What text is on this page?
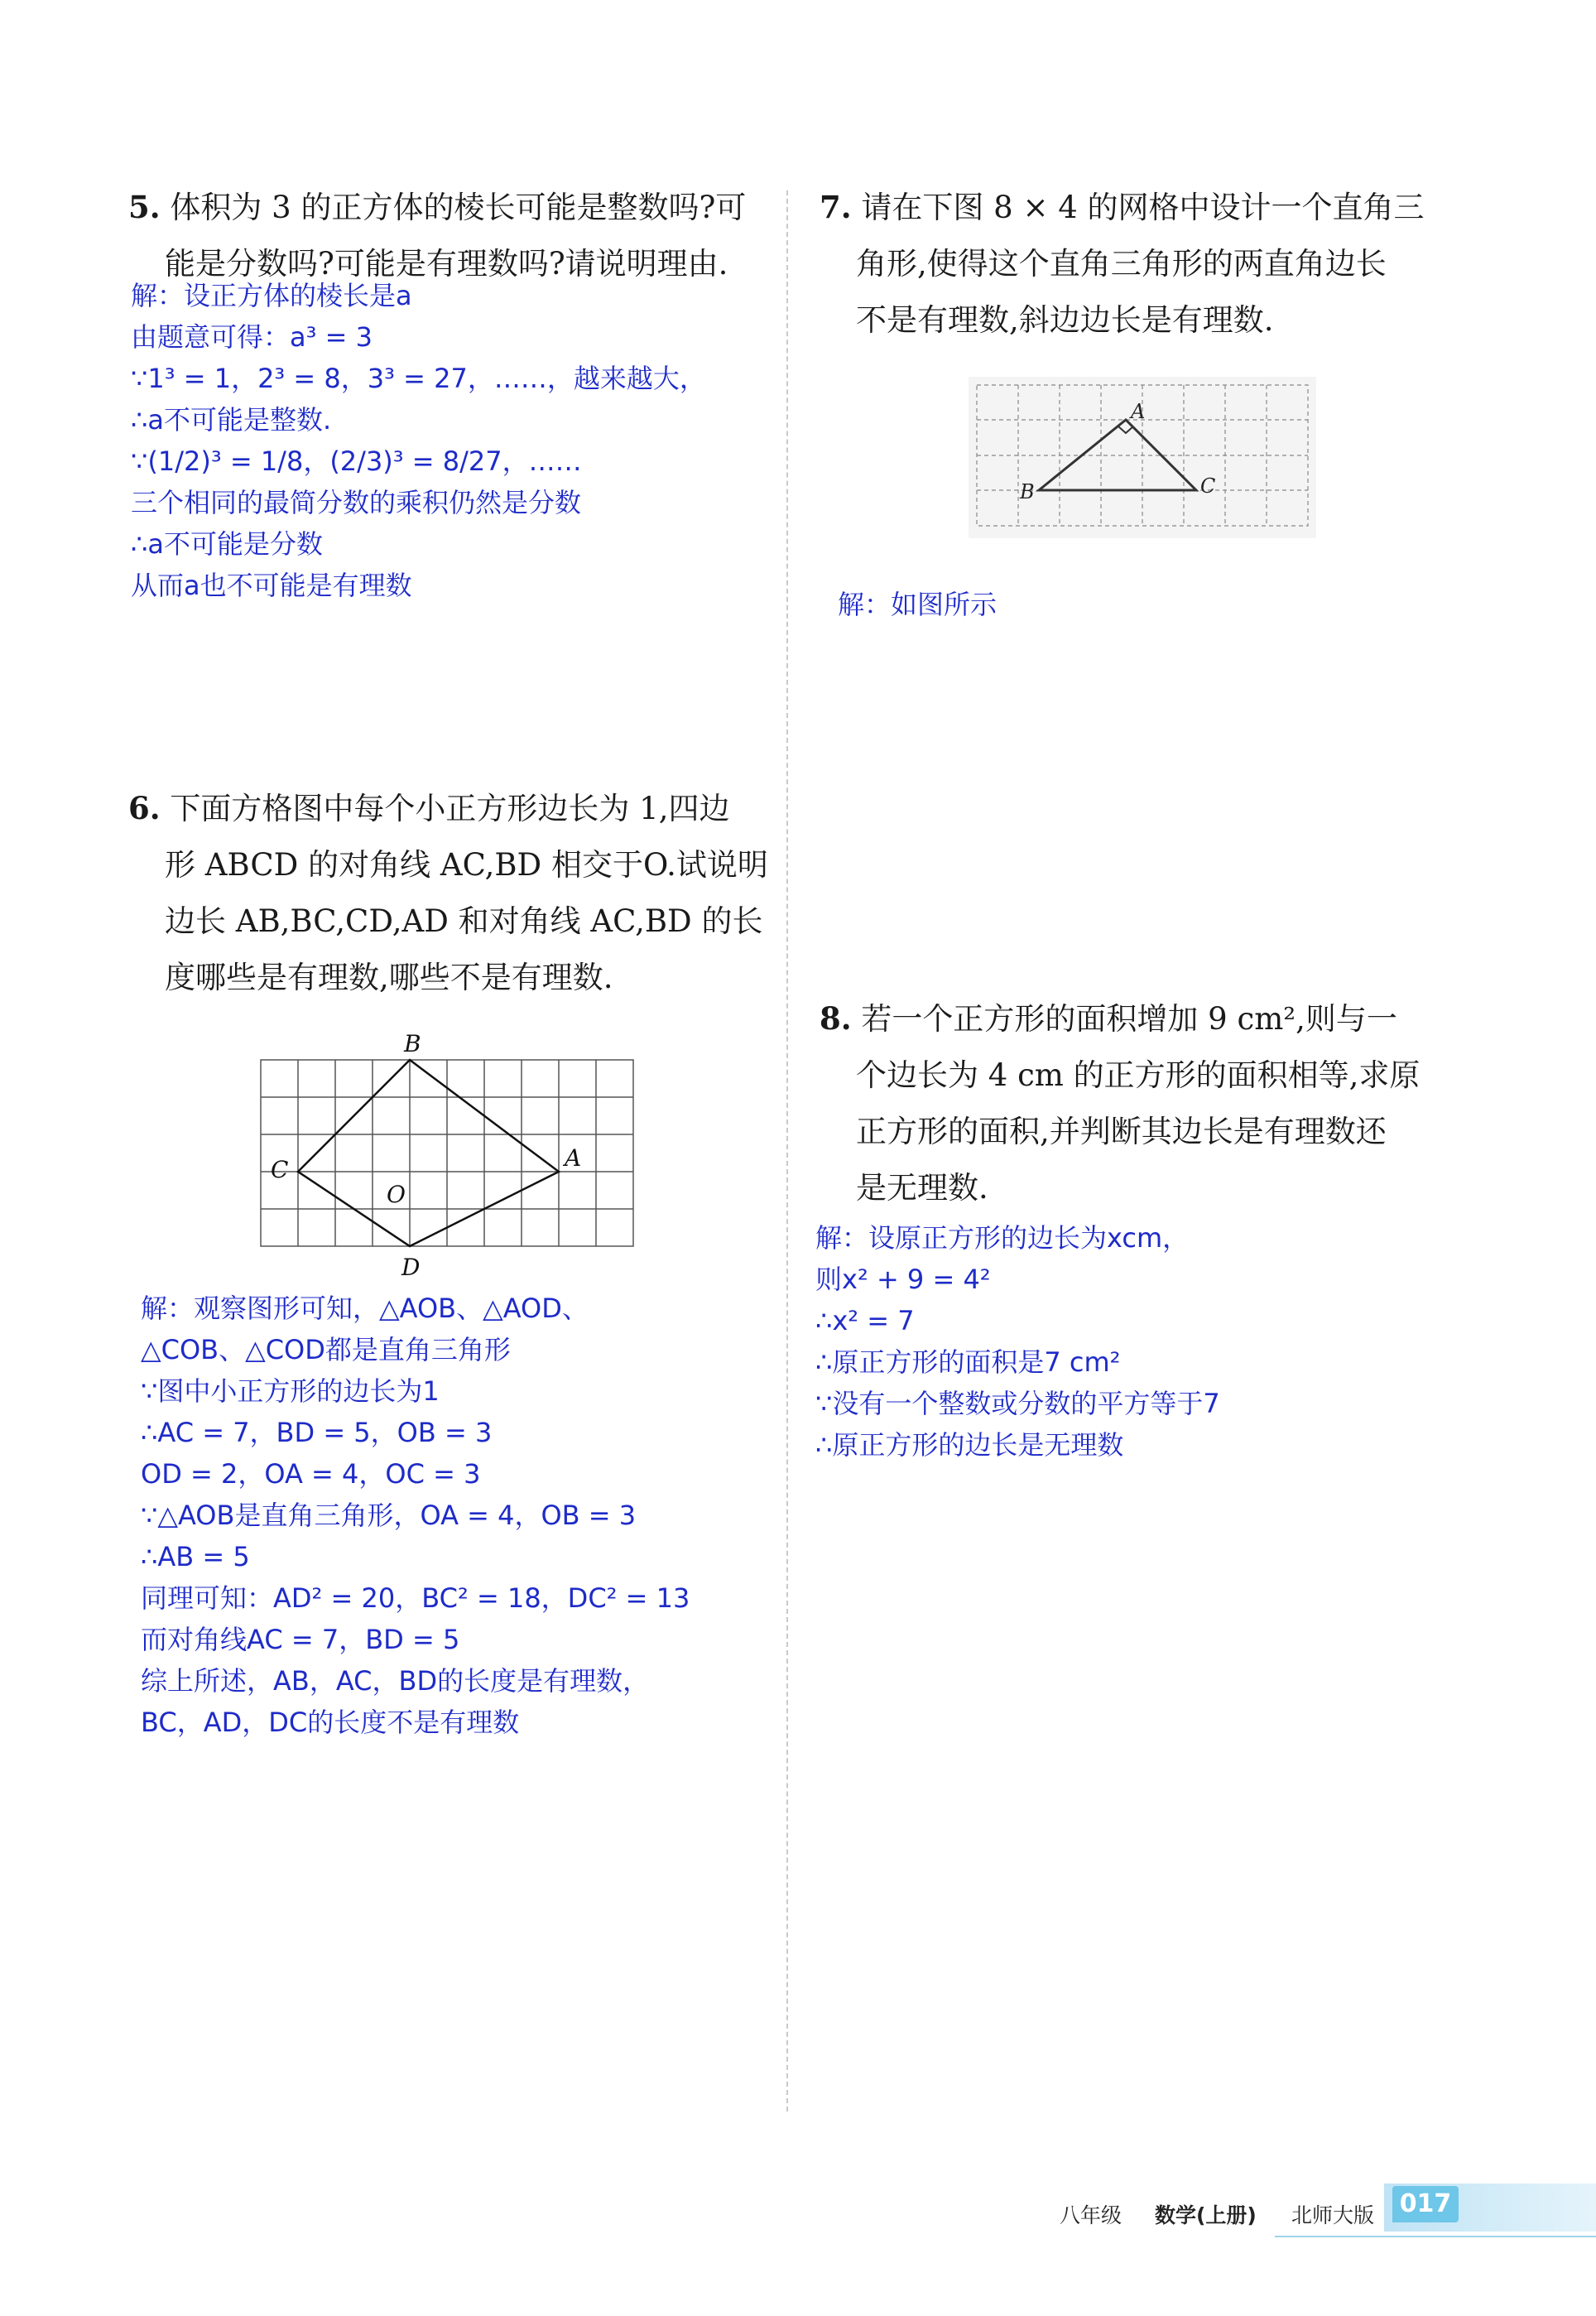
5. 体积为 3 的正方体的棱长可能是整数吗?可
能是分数吗?可能是有理数吗?请说明理由.
解：设正方体的棱长是a
由题意可得：a³ = 3
∵1³ = 1，2³ = 8，3³ = 27，……，越来越大，
∴a不可能是整数.
∵(1/2)³ = 1/8，(2/3)³ = 8/27，……
三个相同的最简分数的乘积仍然是分数
∴a不可能是分数
从而a也不可能是有理数
6. 下面方格图中每个小正方形边长为 1,四边
形 ABCD 的对角线 AC,BD 相交于O.试说明
边长 AB,BC,CD,AD 和对角线 AC,BD 的长
度哪些是有理数,哪些不是有理数.
B
A
C
O
D
解：观察图形可知，△AOB、△AOD、
△COB、△COD都是直角三角形
∵图中小正方形的边长为1
∴AC = 7，BD = 5，OB = 3
OD = 2，OA = 4，OC = 3
∵△AOB是直角三角形，OA = 4，OB = 3
∴AB = 5
同理可知：AD² = 20，BC² = 18，DC² = 13
而对角线AC = 7，BD = 5
综上所述，AB，AC，BD的长度是有理数，
BC，AD，DC的长度不是有理数
7. 请在下图 8 × 4 的网格中设计一个直角三
角形,使得这个直角三角形的两直角边长
不是有理数,斜边边长是有理数.
A
B	C
解：如图所示
8. 若一个正方形的面积增加 9 cm²,则与一
个边长为 4 cm 的正方形的面积相等,求原
正方形的面积,并判断其边长是有理数还
是无理数.
解：设原正方形的边长为xcm，
则x² + 9 = 4²
∴x² = 7
∴原正方形的面积是7 cm²
∵没有一个整数或分数的平方等于7
∴原正方形的边长是无理数
017
八年级 数学(上册) 北师大版
